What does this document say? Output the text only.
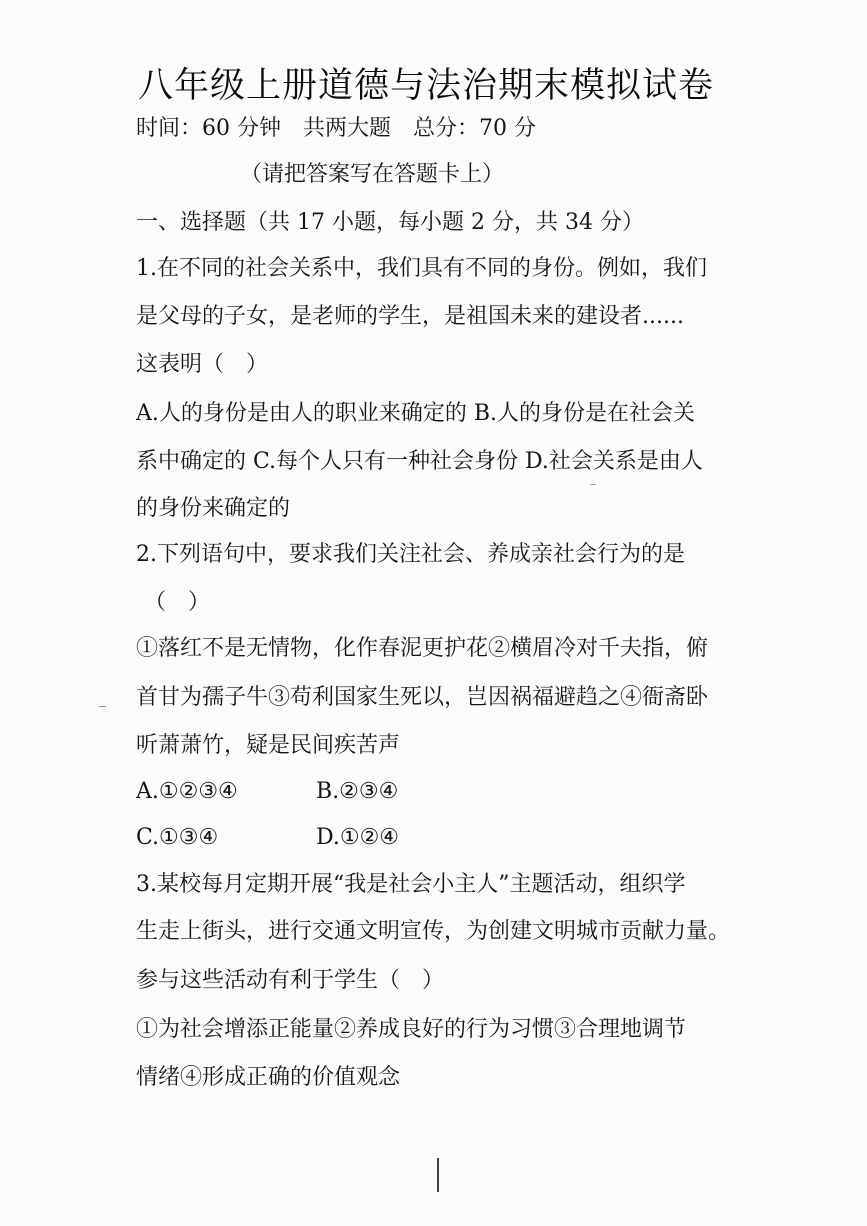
八年级上册道德与法治期末模拟试卷
时间：60 分钟　共两大题　总分：70 分
（请把答案写在答题卡上）
一、选择题（共 17 小题，每小题 2 分，共 34 分）
1.在不同的社会关系中，我们具有不同的身份。例如，我们
是父母的子女，是老师的学生，是祖国未来的建设者......
这表明（　）
A.人的身份是由人的职业来确定的 B.人的身份是在社会关
系中确定的 C.每个人只有一种社会身份 D.社会关系是由人
的身份来确定的
2.下列语句中，要求我们关注社会、养成亲社会行为的是
（　）
①落红不是无情物，化作春泥更护花②横眉冷对千夫指，俯
首甘为孺子牛③苟利国家生死以，岂因祸福避趋之④衙斋卧
听萧萧竹，疑是民间疾苦声
A.①②③④	B.②③④
C.①③④	D.①②④
3.某校每月定期开展“我是社会小主人”主题活动，组织学
生走上街头，进行交通文明宣传，为创建文明城市贡献力量。
参与这些活动有利于学生（　）
①为社会增添正能量②养成良好的行为习惯③合理地调节
情绪④形成正确的价值观念
